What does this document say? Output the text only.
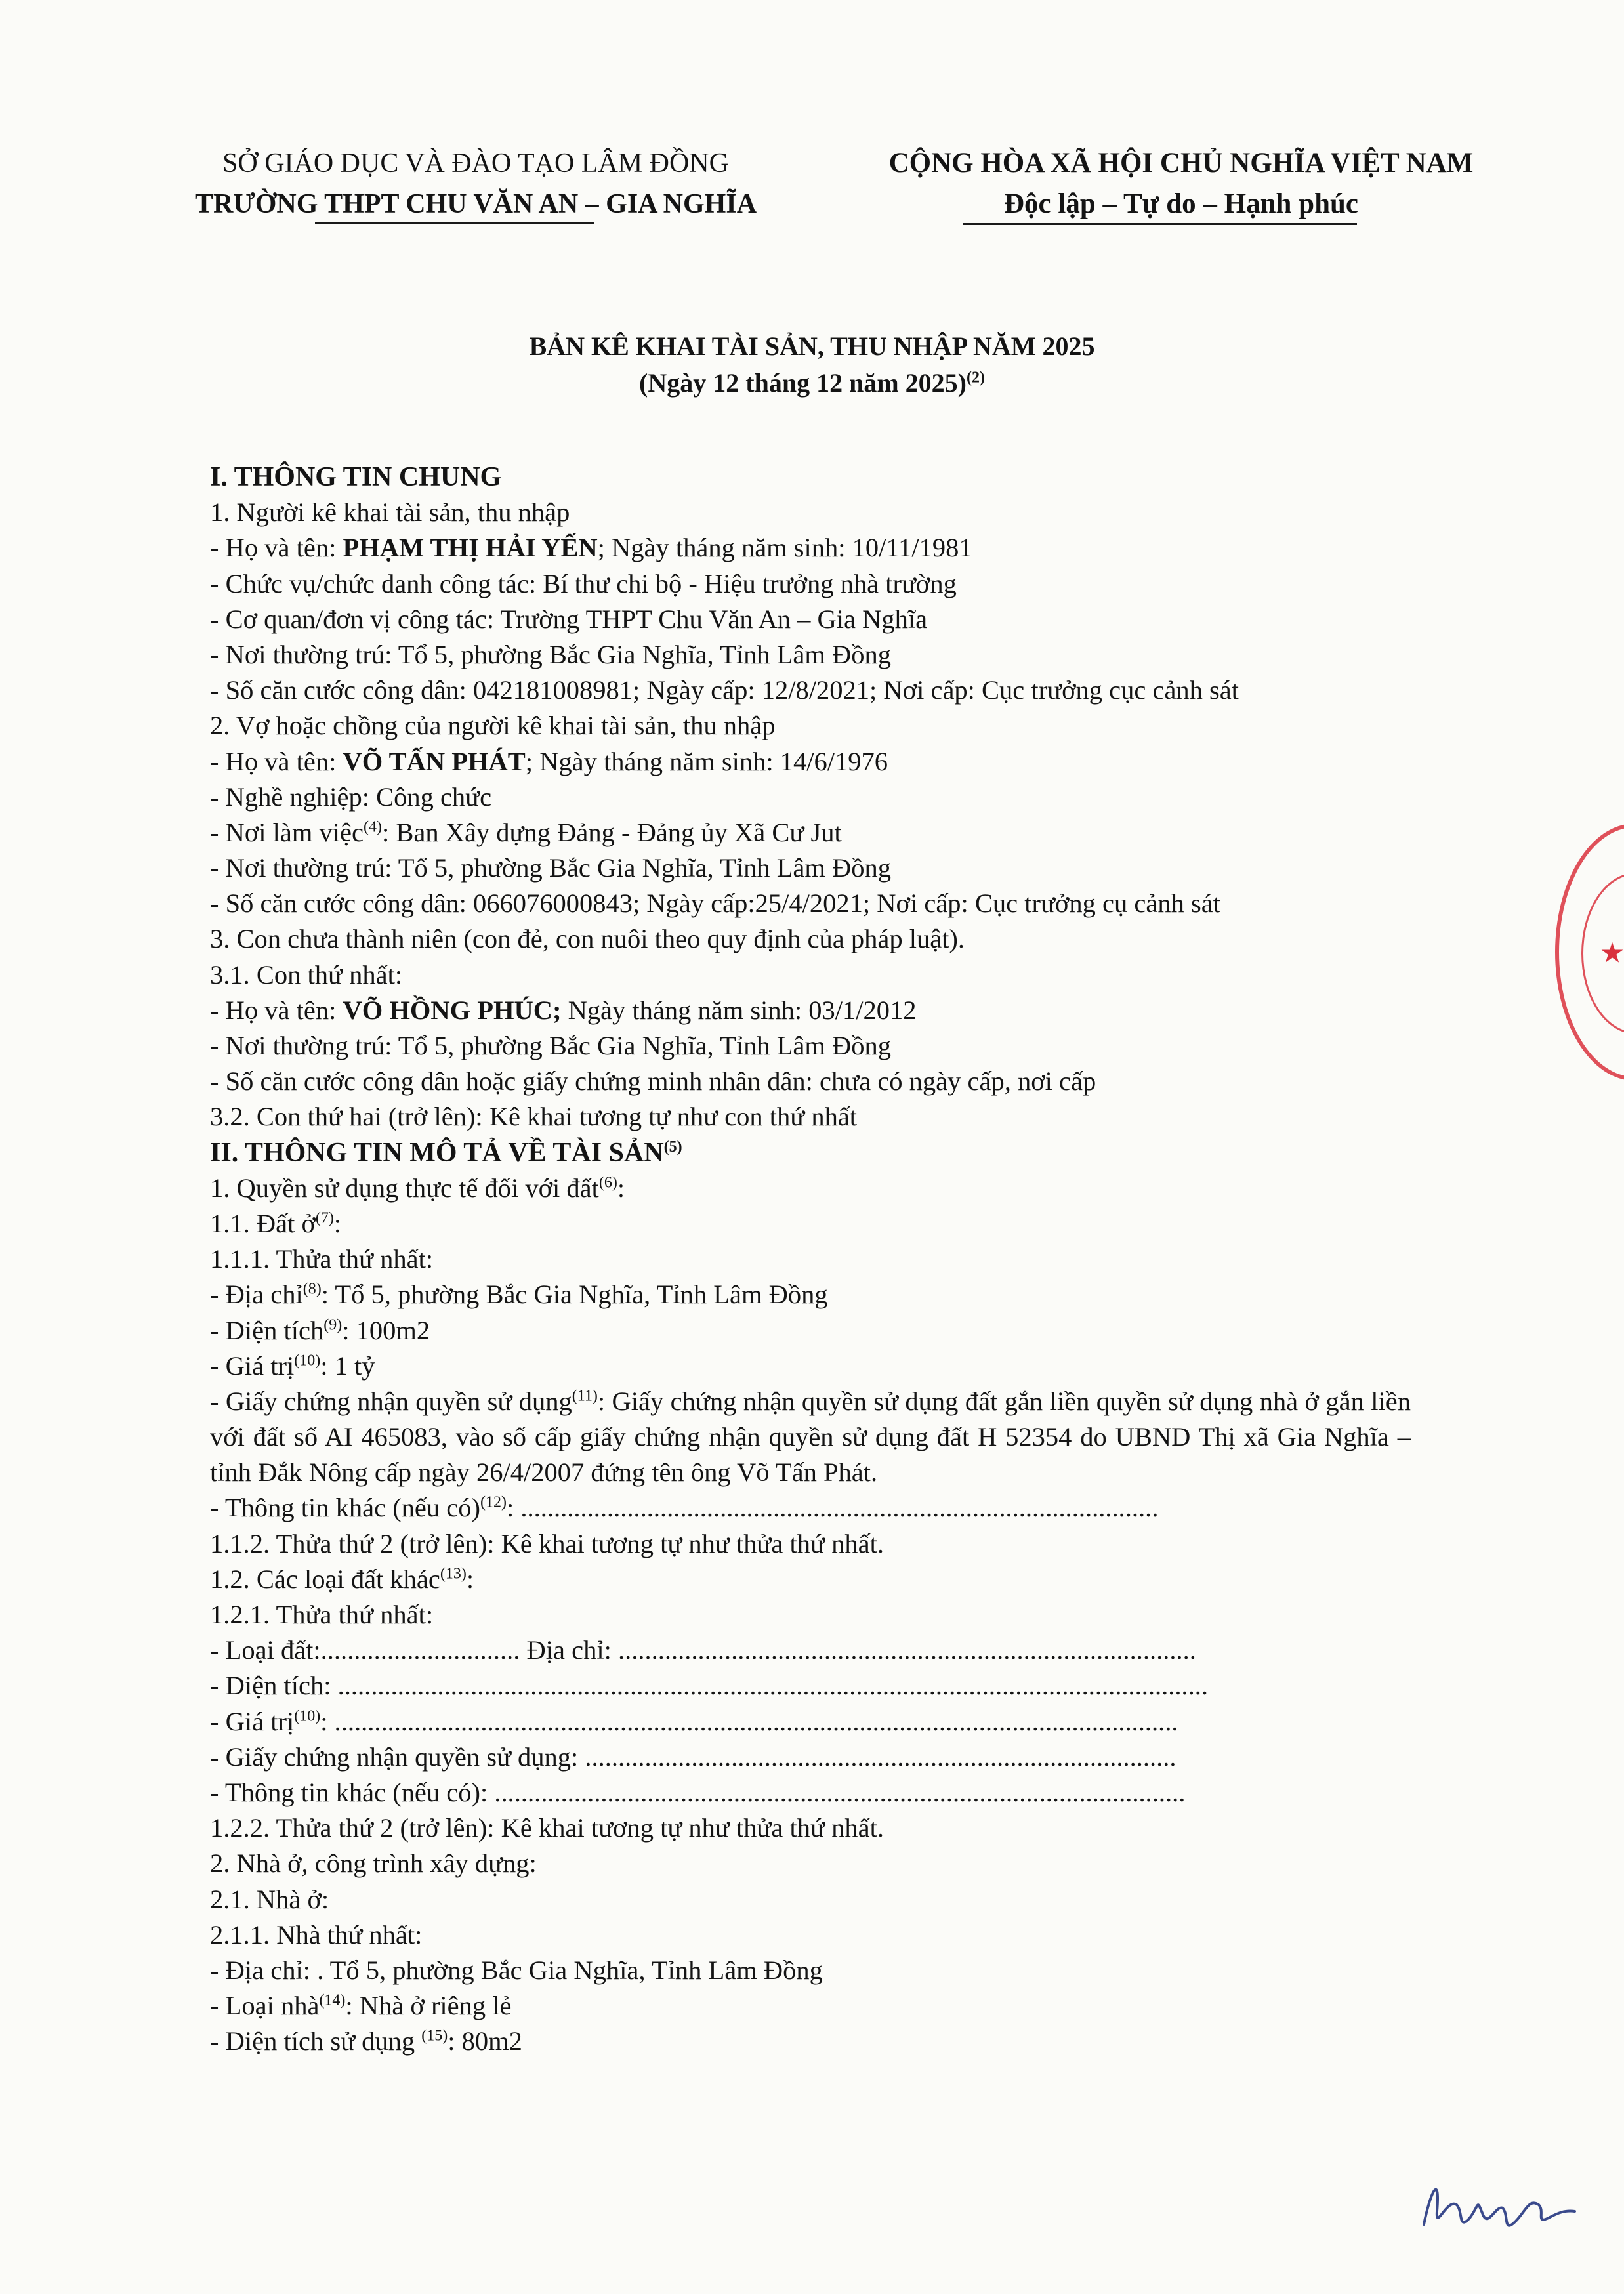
SỞ GIÁO DỤC VÀ ĐÀO TẠO LÂM ĐỒNG
TRƯỜNG THPT CHU VĂN AN – GIA NGHĨA
CỘNG HÒA XÃ HỘI CHỦ NGHĨA VIỆT NAM
Độc lập – Tự do – Hạnh phúc
BẢN KÊ KHAI TÀI SẢN, THU NHẬP NĂM 2025
(Ngày 12 tháng 12 năm 2025)$^{(2)}$
I. THÔNG TIN CHUNG
1. Người kê khai tài sản, thu nhập
- Họ và tên: PHẠM THỊ HẢI YẾN; Ngày tháng năm sinh: 10/11/1981
- Chức vụ/chức danh công tác: Bí thư chi bộ - Hiệu trưởng nhà trường
- Cơ quan/đơn vị công tác: Trường THPT Chu Văn An – Gia Nghĩa
- Nơi thường trú: Tổ 5, phường Bắc Gia Nghĩa, Tỉnh Lâm Đồng
- Số căn cước công dân: 042181008981; Ngày cấp: 12/8/2021; Nơi cấp: Cục trưởng cục cảnh sát
2. Vợ hoặc chồng của người kê khai tài sản, thu nhập
- Họ và tên: VÕ TẤN PHÁT; Ngày tháng năm sinh: 14/6/1976
- Nghề nghiệp: Công chức
- Nơi làm việc$^{(4)}$: Ban Xây dựng Đảng - Đảng ủy Xã Cư Jut
- Nơi thường trú: Tổ 5, phường Bắc Gia Nghĩa, Tỉnh Lâm Đồng
- Số căn cước công dân: 066076000843; Ngày cấp:25/4/2021; Nơi cấp: Cục trưởng cụ cảnh sát
3. Con chưa thành niên (con đẻ, con nuôi theo quy định của pháp luật).
3.1. Con thứ nhất:
- Họ và tên: VÕ HỒNG PHÚC; Ngày tháng năm sinh: 03/1/2012
- Nơi thường trú: Tổ 5, phường Bắc Gia Nghĩa, Tỉnh Lâm Đồng
- Số căn cước công dân hoặc giấy chứng minh nhân dân: chưa có ngày cấp, nơi cấp
3.2. Con thứ hai (trở lên): Kê khai tương tự như con thứ nhất
II. THÔNG TIN MÔ TẢ VỀ TÀI SẢN$^{(5)}$
1. Quyền sử dụng thực tế đối với đất$^{(6)}$:
1.1. Đất ở$^{(7)}$:
1.1.1. Thửa thứ nhất:
- Địa chỉ$^{(8)}$: Tổ 5, phường Bắc Gia Nghĩa, Tỉnh Lâm Đồng
- Diện tích$^{(9)}$: 100m2
- Giá trị$^{(10)}$: 1 tỷ
- Giấy chứng nhận quyền sử dụng$^{(11)}$: Giấy chứng nhận quyền sử dụng đất gắn liền quyền sử dụng nhà ở gắn liền với đất số AI 465083, vào số cấp giấy chứng nhận quyền sử dụng đất H 52354 do UBND Thị xã Gia Nghĩa – tỉnh Đắk Nông cấp ngày 26/4/2007 đứng tên ông Võ Tấn Phát.
- Thông tin khác (nếu có)$^{(12)}$: ................................................................................................
1.1.2. Thửa thứ 2 (trở lên): Kê khai tương tự như thửa thứ nhất.
1.2. Các loại đất khác$^{(13)}$:
1.2.1. Thửa thứ nhất:
- Loại đất:.............................. Địa chỉ: .......................................................................................
- Diện tích: ...................................................................................................................................
- Giá trị$^{(10)}$: ...............................................................................................................................
- Giấy chứng nhận quyền sử dụng: .........................................................................................
- Thông tin khác (nếu có): ........................................................................................................
1.2.2. Thửa thứ 2 (trở lên): Kê khai tương tự như thửa thứ nhất.
2. Nhà ở, công trình xây dựng:
2.1. Nhà ở:
2.1.1. Nhà thứ nhất:
- Địa chỉ: . Tổ 5, phường Bắc Gia Nghĩa, Tỉnh Lâm Đồng
- Loại nhà$^{(14)}$: Nhà ở riêng lẻ
- Diện tích sử dụng $^{(15)}$: 80m2
★
